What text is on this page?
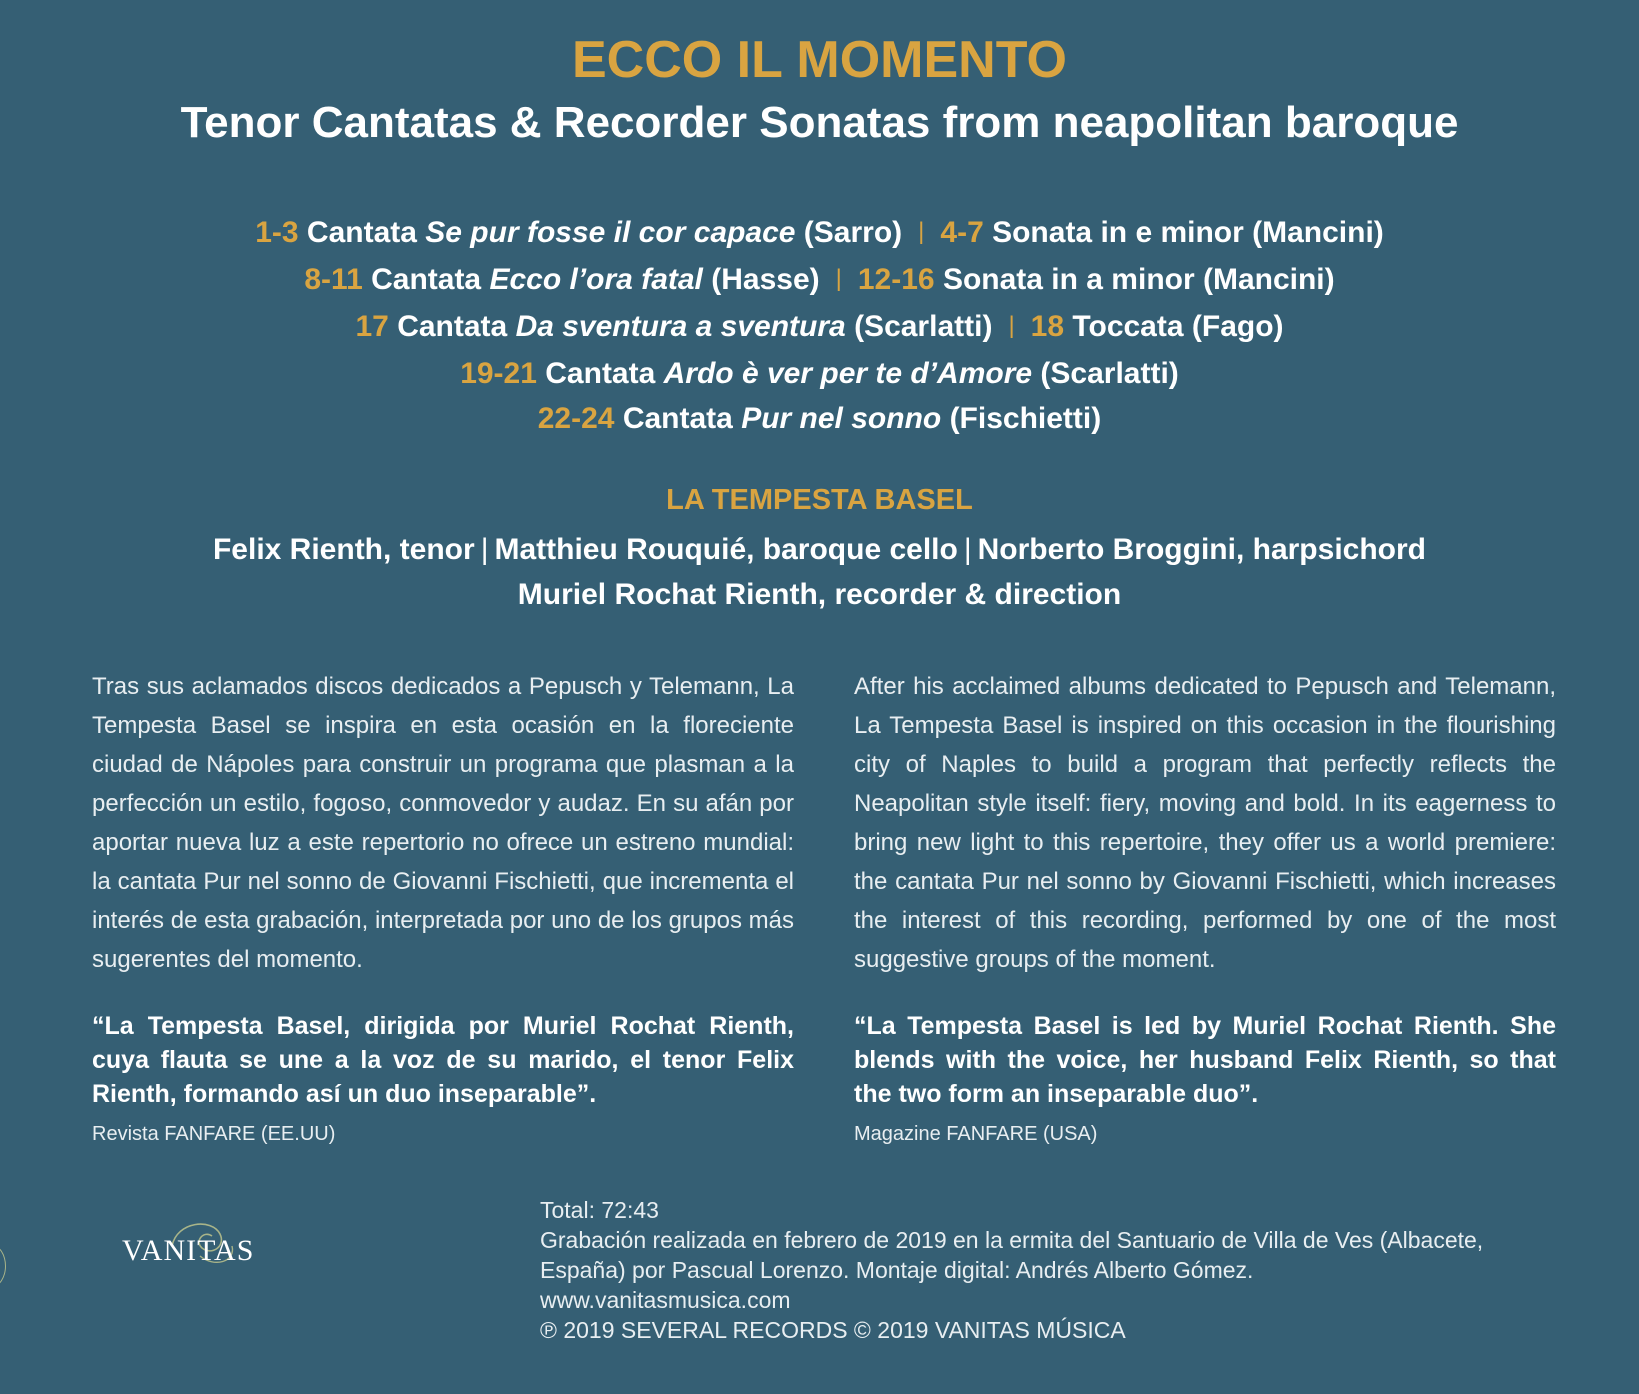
ECCO IL MOMENTO
Tenor Cantatas & Recorder Sonatas from neapolitan baroque
1-3 Cantata Se pur fosse il cor capace (Sarro) | 4-7 Sonata in e minor (Mancini)
8-11 Cantata Ecco l’ora fatal (Hasse) | 12-16 Sonata in a minor (Mancini)
17 Cantata Da sventura a sventura (Scarlatti) | 18 Toccata (Fago)
19-21 Cantata Ardo è ver per te d’Amore (Scarlatti)
22-24 Cantata Pur nel sonno (Fischietti)
LA TEMPESTA BASEL
Felix Rienth, tenor | Matthieu Rouquié, baroque cello | Norberto Broggini, harpsichord
Muriel Rochat Rienth, recorder & direction
Tras sus aclamados discos dedicados a Pepusch y Telemann, La Tempesta Basel se inspira en esta ocasión en la floreciente ciudad de Nápoles para construir un programa que plasman a la perfección un estilo, fogoso, conmovedor y audaz. En su afán por aportar nueva luz a este repertorio no ofrece un estreno mundial: la cantata Pur nel sonno de Giovanni Fischietti, que incrementa el interés de esta grabación, interpretada por uno de los grupos más sugerentes del momento.
“La Tempesta Basel, dirigida por Muriel Rochat Rienth, cuya flauta se une a la voz de su marido, el tenor Felix Rienth, formando así un duo inseparable”.
Revista FANFARE (EE.UU)
After his acclaimed albums dedicated to Pepusch and Telemann, La Tempesta Basel is inspired on this occasion in the flourishing city of Naples to build a program that perfectly reflects the Neapolitan style itself: fiery, moving and bold. In its eagerness to bring new light to this repertoire, they offer us a world premiere: the cantata Pur nel sonno by Giovanni Fischietti, which increases the interest of this recording, performed by one of the most suggestive groups of the moment.
“La Tempesta Basel is led by Muriel Rochat Rienth. She blends with the voice, her husband Felix Rienth, so that the two form an inseparable duo”.
Magazine FANFARE (USA)
VANITAS
Total: 72:43
Grabación realizada en febrero de 2019 en la ermita del Santuario de Villa de Ves (Albacete, España) por Pascual Lorenzo. Montaje digital: Andrés Alberto Gómez.
www.vanitasmusica.com
℗ 2019 SEVERAL RECORDS © 2019 VANITAS MÚSICA
